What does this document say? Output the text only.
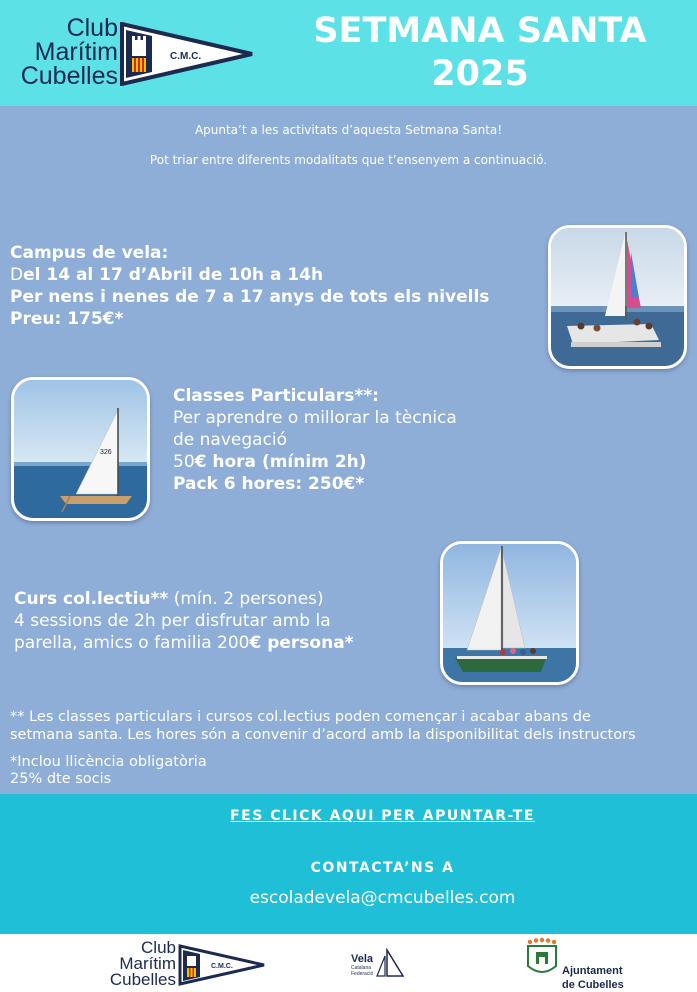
Club
Marítim
Cubelles
C.M.C.
SETMANA SANTA
2025
Apunta’t a les activitats d’aquesta Setmana Santa!
Pot triar entre diferents modalitats que t’ensenyem a continuació.
Campus de vela:
Del 14 al 17 d’Abril de 10h a 14h
Per nens i nenes de 7 a 17 anys de tots els nivells
Preu: 175€*
326
Classes Particulars**:
Per aprendre o millorar la tècnica
de navegació
50€ hora (mínim 2h)
Pack 6 hores: 250€*
Curs col.lectiu** (mín. 2 persones)
4 sessions de 2h per disfrutar amb la
parella, amics o familia 200€ persona*
** Les classes particulars i cursos col.lectius poden començar i acabar abans de
setmana santa. Les hores són a convenir d’acord amb la disponibilitat dels instructors
*Inclou llicència obligatòria
25% dte socis
FES CLICK AQUI PER APUNTAR-TE
CONTACTA’NS A
escoladevela@cmcubelles.com
Club
Marítim
Cubelles
C.M.C.
Vela
Catalana
Federació	Ajuntament
de Cubelles
